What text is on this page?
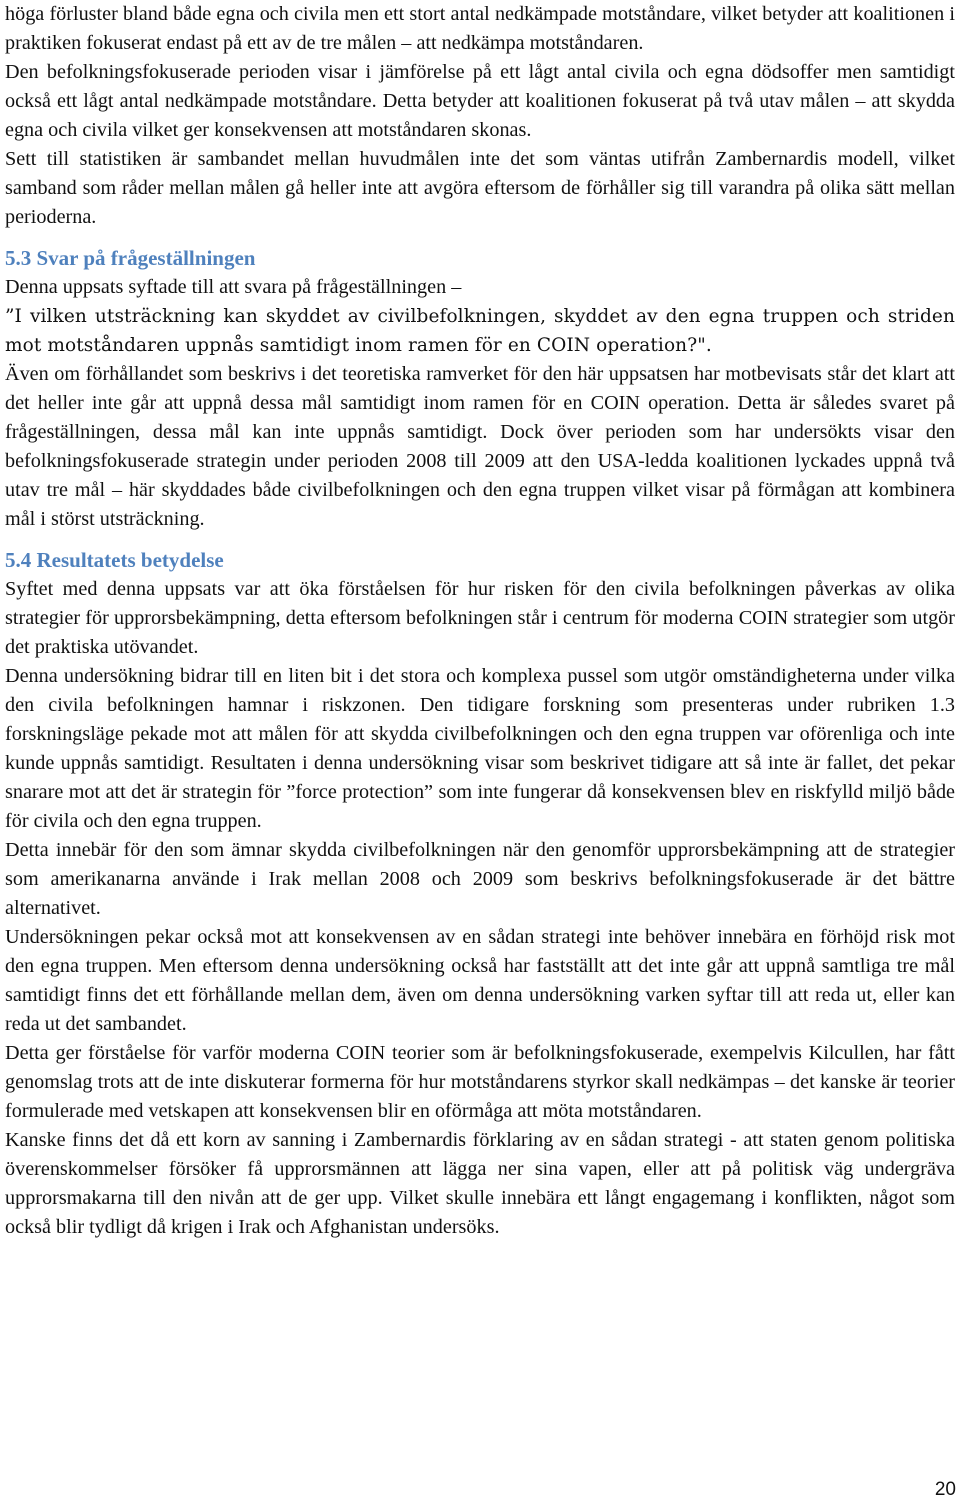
höga förluster bland både egna och civila men ett stort antal nedkämpade motståndare, vilket betyder att koalitionen i praktiken fokuserat endast på ett av de tre målen – att nedkämpa motståndaren.

Den befolkningsfokuserade perioden visar i jämförelse på ett lågt antal civila och egna dödsoffer men samtidigt också ett lågt antal nedkämpade motståndare. Detta betyder att koalitionen fokuserat på två utav målen – att skydda egna och civila vilket ger konsekvensen att motståndaren skonas.

Sett till statistiken är sambandet mellan huvudmålen inte det som väntas utifrån Zambernardis modell, vilket samband som råder mellan målen gå heller inte att avgöra eftersom de förhåller sig till varandra på olika sätt mellan perioderna.

5.3 Svar på frågeställningen

Denna uppsats syftade till att svara på frågeställningen –

”I vilken utsträckning kan skyddet av civilbefolkningen, skyddet av den egna truppen och striden mot motståndaren uppnås samtidigt inom ramen för en COIN operation?".

Även om förhållandet som beskrivs i det teoretiska ramverket för den här uppsatsen har motbevisats står det klart att det heller inte går att uppnå dessa mål samtidigt inom ramen för en COIN operation. Detta är således svaret på frågeställningen, dessa mål kan inte uppnås samtidigt. Dock över perioden som har undersökts visar den befolkningsfokuserade strategin under perioden 2008 till 2009 att den USA-ledda koalitionen lyckades uppnå två utav tre mål – här skyddades både civilbefolkningen och den egna truppen vilket visar på förmågan att kombinera mål i störst utsträckning.

5.4 Resultatets betydelse

Syftet med denna uppsats var att öka förståelsen för hur risken för den civila befolkningen påverkas av olika strategier för upprorsbekämpning, detta eftersom befolkningen står i centrum för moderna COIN strategier som utgör det praktiska utövandet.

Denna undersökning bidrar till en liten bit i det stora och komplexa pussel som utgör omständigheterna under vilka den civila befolkningen hamnar i riskzonen. Den tidigare forskning som presenteras under rubriken 1.3 forskningsläge pekade mot att målen för att skydda civilbefolkningen och den egna truppen var oförenliga och inte kunde uppnås samtidigt. Resultaten i denna undersökning visar som beskrivet tidigare att så inte är fallet, det pekar snarare mot att det är strategin för ”force protection” som inte fungerar då konsekvensen blev en riskfylld miljö både för civila och den egna truppen.

Detta innebär för den som ämnar skydda civilbefolkningen när den genomför upprorsbekämpning att de strategier som amerikanarna använde i Irak mellan 2008 och 2009 som beskrivs befolkningsfokuserade är det bättre alternativet.

Undersökningen pekar också mot att konsekvensen av en sådan strategi inte behöver innebära en förhöjd risk mot den egna truppen. Men eftersom denna undersökning också har fastställt att det inte går att uppnå samtliga tre mål samtidigt finns det ett förhållande mellan dem, även om denna undersökning varken syftar till att reda ut, eller kan reda ut det sambandet.

Detta ger förståelse för varför moderna COIN teorier som är befolkningsfokuserade, exempelvis Kilcullen, har fått genomslag trots att de inte diskuterar formerna för hur motståndarens styrkor skall nedkämpas – det kanske är teorier formulerade med vetskapen att konsekvensen blir en oförmåga att möta motståndaren.

Kanske finns det då ett korn av sanning i Zambernardis förklaring av en sådan strategi - att staten genom politiska överenskommelser försöker få upprorsmännen att lägga ner sina vapen, eller att på politisk väg undergräva upprorsmakarna till den nivån att de ger upp. Vilket skulle innebära ett långt engagemang i konflikten, något som också blir tydligt då krigen i Irak och Afghanistan undersöks.

20
